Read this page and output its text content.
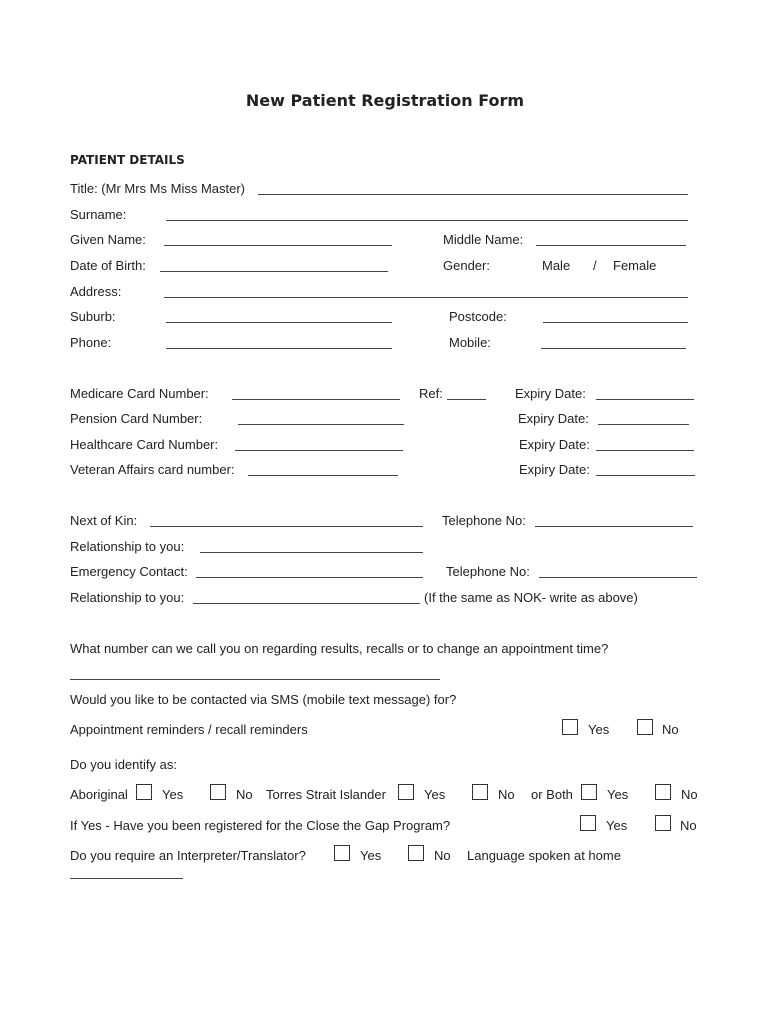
New Patient Registration Form
PATIENT DETAILS
Title: (Mr Mrs Ms Miss Master)
Surname:
Given Name:	Middle Name:
Date of Birth:	Gender:	Male / Female
Address:
Suburb:	Postcode:
Phone:	Mobile:
Medicare Card Number:	Ref:	Expiry Date:
Pension Card Number:	Expiry Date:
Healthcare Card Number:	Expiry Date:
Veteran Affairs card number:	Expiry Date:
Next of Kin:	Telephone No:
Relationship to you:
Emergency Contact:	Telephone No:
Relationship to you:	(If the same as NOK- write as above)
What number can we call you on regarding results, recalls or to change an appointment time?
Would you like to be contacted via SMS (mobile text message) for?
Appointment reminders / recall reminders	Yes	No
Do you identify as:
Aboriginal	Yes	No Torres Strait Islander	Yes	No or Both	Yes	No
If Yes - Have you been registered for the Close the Gap Program?	Yes	No
Do you require an Interpreter/Translator?	Yes	No Language spoken at home
